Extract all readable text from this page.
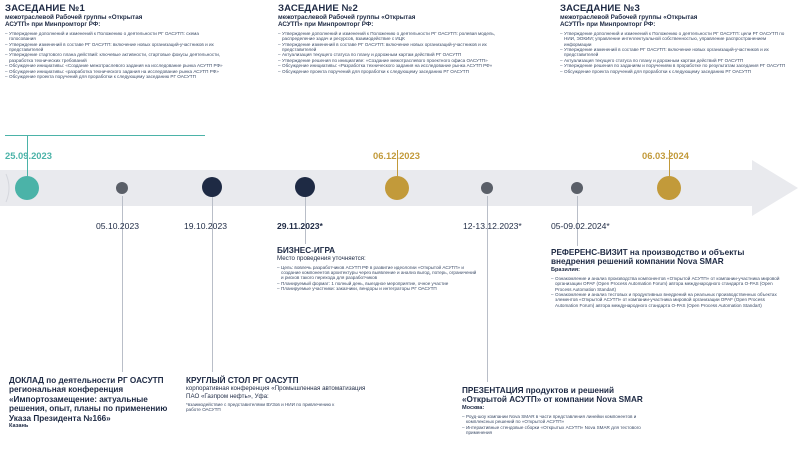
ЗАСЕДАНИЕ №1
межотраслевой Рабочей группы «Открытая АСУТП» при Минпромторг РФ:
– Утверждение дополнений и изменений к Положению о деятельности РГ ОАСУТП: схема голосования
– Утверждение изменений в составе РГ ОАСУТП: включение новых организаций-участников и их представителей
– Утверждение стартового плана действий: ключевые активности, стартовые фокусы деятельности, разработка технических требований
– Обсуждение инициативы: «Создание межотраслевого задания на исследование рынка АСУТП РФ»
– Обсуждение инициативы: «разработка технического задания на исследование рынка АСУТП РФ»
– Обсуждение проекта поручений для проработки к следующему заседанию РГ ОАСУТП
25.09.2023
ЗАСЕДАНИЕ №2
межотраслевой Рабочей группы «Открытая АСУТП» при Минпромторг РФ:
– Утверждение дополнений и изменений к Положению о деятельности РГ ОАСУТП: ролевая модель, распределение задач и ресурсов, взаимодействие с ИЦК
– Утверждение изменений в составе РГ ОАСУТП: включение новых организаций-участников и их представителей
– Актуализация текущего статуса по плану и дорожным картам действий РГ ОАСУТП
– Утверждение решения по инициативе: «Создание межотраслевого проектного офиса ОАСУТП»
– Обсуждение инициативы: «Разработка технического задания на исследование рынка АСУТП РФ»
– Обсуждение проекта поручений для проработки к следующему заседанию РГ ОАСУТП
06.12.2023
ЗАСЕДАНИЕ №3
межотраслевой Рабочей группы «Открытая АСУТП» при Минпромторг РФ:
– Утверждение дополнений и изменений к Положению о деятельности РГ ОАСУТП: цели РГ ОАСУТП по НИИ, ЭОКИИ; управление интеллектуальной собственностью, управление распространением информации
– Утверждение изменений в составе РГ ОАСУТП: включение новых организаций-участников и их представителей
– Актуализация текущего статуса по плану и дорожным картам действий РГ ОАСУТП
– Утверждение решения по заданиям и поручениям в проработке по результатам заседания РГ ОАСУТП
– Обсуждение проекта поручений для проработки к следующему заседанию РГ ОАСУТП
06.03.2024
05.10.2023	19.10.2023	29.11.2023*	12-13.12.2023*	05-09.02.2024*
БИЗНЕС-ИГРА
Место проведения уточняется:
– Цель: вовлечь разработчиков АСУТП РФ в развитие идеологии «Открытой АСУТП» и создание компонентов архитектуры через выявление и анализ выгод, потерь, ограничений и рисков такого перехода для разработчиков
– Планируемый формат: 1 полный день, выездное мероприятие, очное участие
– Планируемые участники: заказчики, вендоры и интеграторы РГ ОАСУТП
РЕФЕРЕНС-ВИЗИТ на производство и объекты внедрения решений компании Nova SMAR
Бразилия:
– Ознакомление и анализ производства компонентов «Открытой АСУТП» от компании-участника мировой организации OPAF (Open Process Automation Forum) автора международного стандарта O-PAS (Open Process Automation Standart)
– Ознакомление и анализ тестовых и продуктивных внедрений на реальных производственных объектах элементов «Открытой АСУТП» от компании-участника мировой организации OPAF (Open Process Automation Forum) автора международного стандарта O-PAS (Open Process Automation Standart)
ДОКЛАД по деятельности РГ ОАСУТП региональная конференция «Импортозамещение: актуальные решения, опыт, планы по применению Указа Президента №166»
Казань
КРУГЛЫЙ СТОЛ РГ ОАСУТП
корпоративная конференция «Промышленная автоматизация ПАО «Газпром нефть», Уфа:
*взаимодействие с представителями ВУЗов и НИИ по привлечению к работе ОАСУТП
ПРЕЗЕНТАЦИЯ продуктов и решений «Открытой АСУТП» от компании Nova SMAR
Москва:
– Роуд-шоу компании Nova SMAR в части представления линейки компонентов и комплексных решений по «Открытой АСУТП»
– Интерактивные стендовые сборки «Открытых АСУТП» Nova SMAR для тестового применения
